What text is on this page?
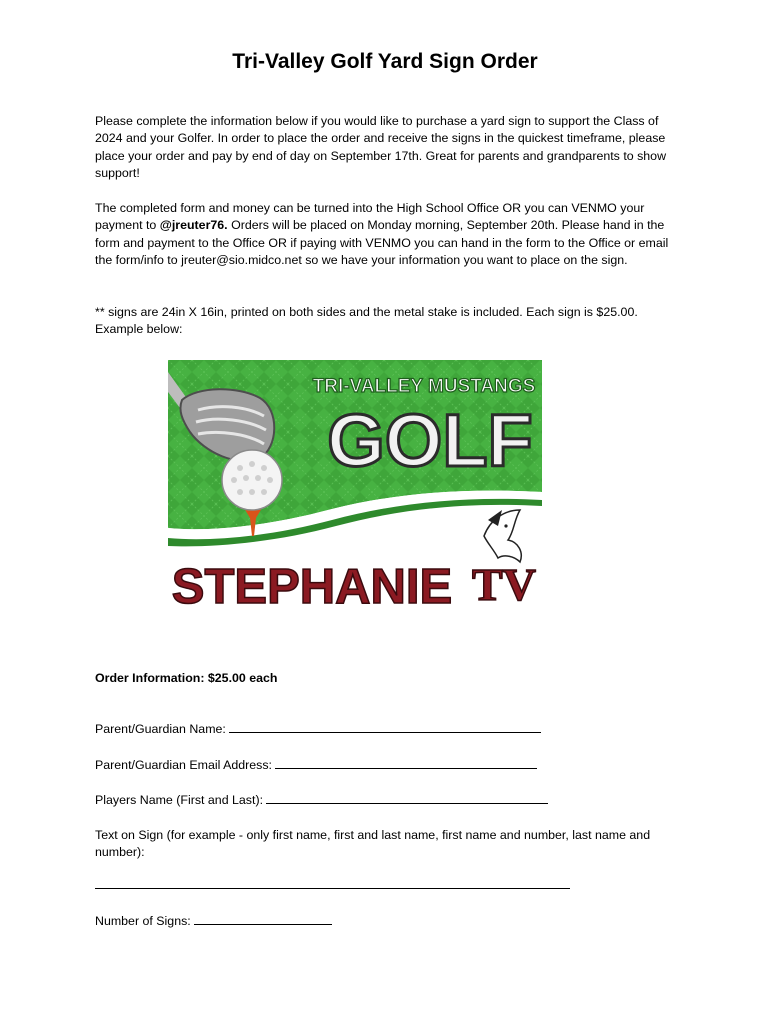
Tri-Valley Golf Yard Sign Order

Please complete the information below if you would like to purchase a yard sign to support the Class of 2024 and your Golfer. In order to place the order and receive the signs in the quickest timeframe, please place your order and pay by end of day on September 17th. Great for parents and grandparents to show support!

The completed form and money can be turned into the High School Office OR you can VENMO your payment to @jreuter76. Orders will be placed on Monday morning, September 20th. Please hand in the form and payment to the Office OR if paying with VENMO you can hand in the form to the Office or email the form/info to jreuter@sio.midco.net so we have your information you want to place on the sign.

** signs are 24in X 16in, printed on both sides and the metal stake is included. Each sign is $25.00. Example below:

TRI-VALLEY MUSTANGS
GOLF
STEPHANIE TV
Order Information: $25.00 each
Parent/Guardian Name:
Parent/Guardian Email Address:
Players Name (First and Last):
Text on Sign (for example - only first name, first and last name, first name and number, last name and number):
Number of Signs:
